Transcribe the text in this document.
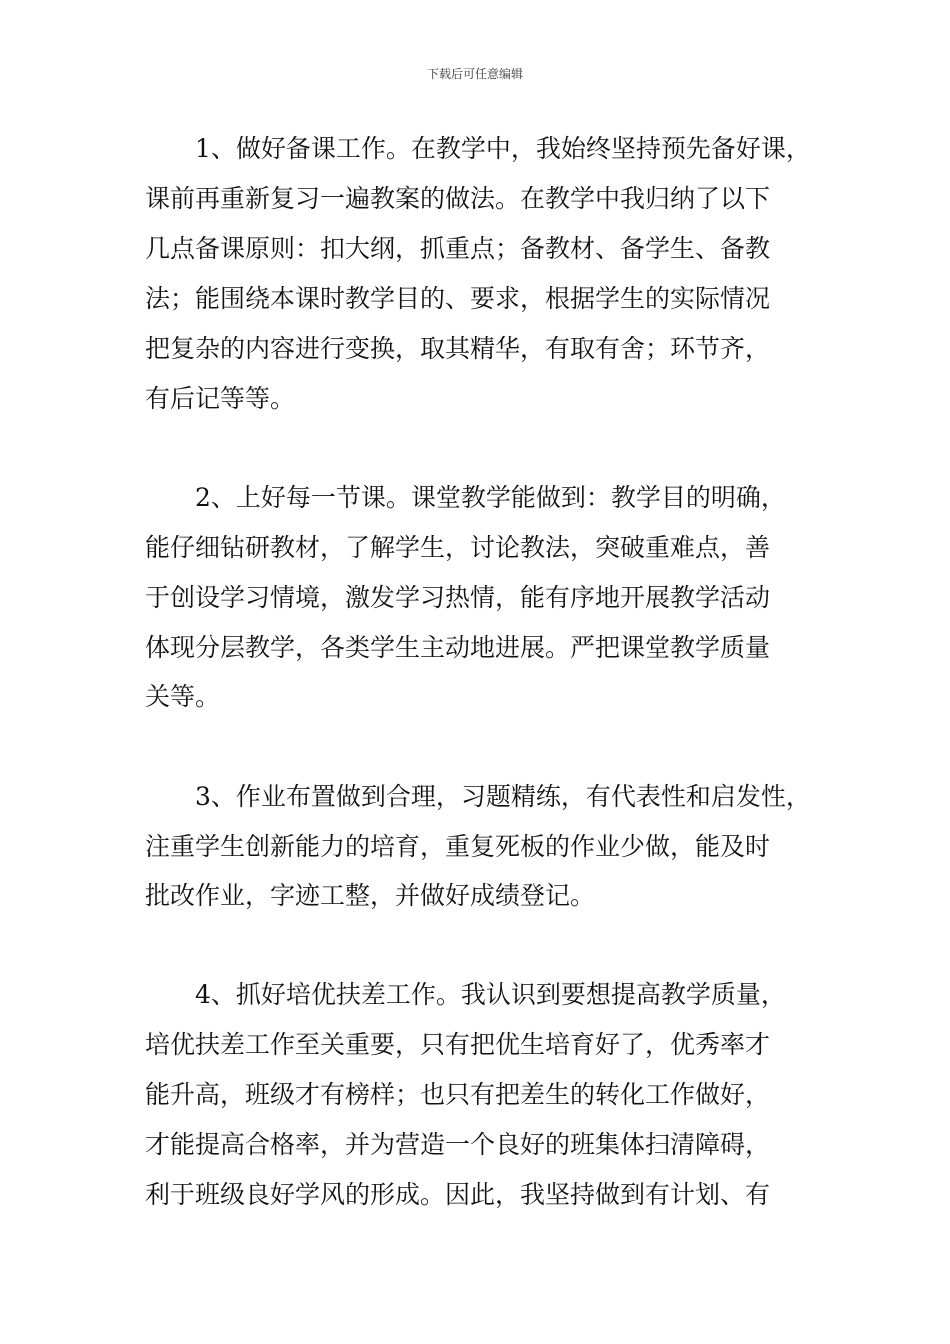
下载后可任意编辑
1、做好备课工作。在教学中，我始终坚持预先备好课，
课前再重新复习一遍教案的做法。在教学中我归纳了以下
几点备课原则：扣大纲，抓重点；备教材、备学生、备教
法；能围绕本课时教学目的、要求，根据学生的实际情况
把复杂的内容进行变换，取其精华，有取有舍；环节齐，
有后记等等。
2、上好每一节课。课堂教学能做到：教学目的明确，
能仔细钻研教材，了解学生，讨论教法，突破重难点，善
于创设学习情境，激发学习热情，能有序地开展教学活动
体现分层教学，各类学生主动地进展。严把课堂教学质量
关等。
3、作业布置做到合理，习题精练，有代表性和启发性，
注重学生创新能力的培育，重复死板的作业少做，能及时
批改作业，字迹工整，并做好成绩登记。
4、抓好培优扶差工作。我认识到要想提高教学质量，
培优扶差工作至关重要，只有把优生培育好了，优秀率才
能升高，班级才有榜样；也只有把差生的转化工作做好，
才能提高合格率，并为营造一个良好的班集体扫清障碍，
利于班级良好学风的形成。因此，我坚持做到有计划、有
